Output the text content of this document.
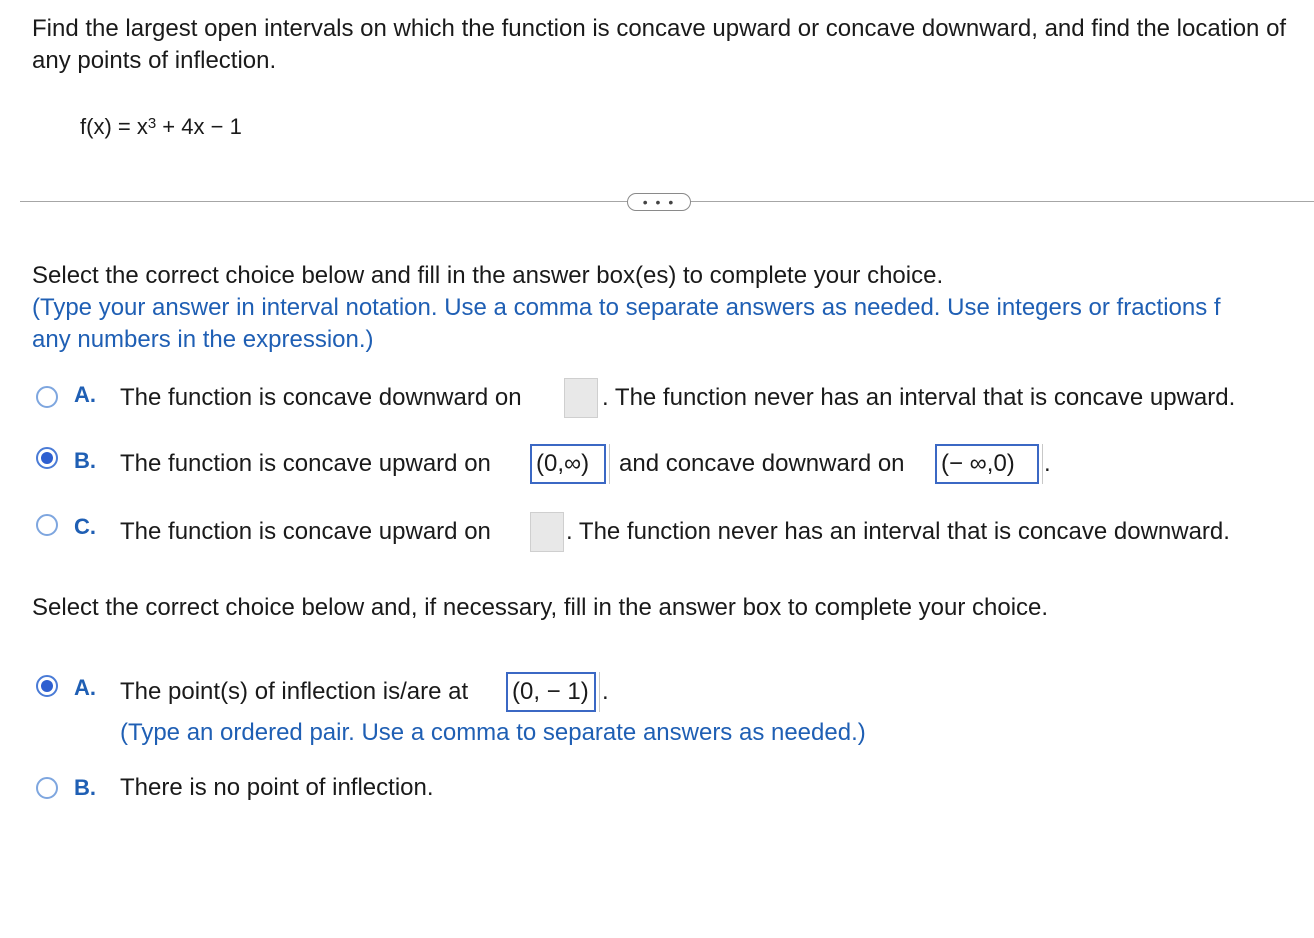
Find the largest open intervals on which the function is concave upward or concave downward, and find the location of any points of inflection.
$f(x) = x^3 + 4x - 1$
• • •
Select the correct choice below and fill in the answer box(es) to complete your choice.
(Type your answer in interval notation. Use a comma to separate answers as needed. Use integers or fractions f
any numbers in the expression.)
A. The function is concave downward on	. The function never has an interval that is concave upward.
B. The function is concave upward on (0,∞)	and concave downward on (− ∞,0)	.
C. The function is concave upward on	. The function never has an interval that is concave downward.
Select the correct choice below and, if necessary, fill in the answer box to complete your choice.
A. The point(s) of inflection is/are at (0, − 1) .
(Type an ordered pair. Use a comma to separate answers as needed.)
B. There is no point of inflection.
